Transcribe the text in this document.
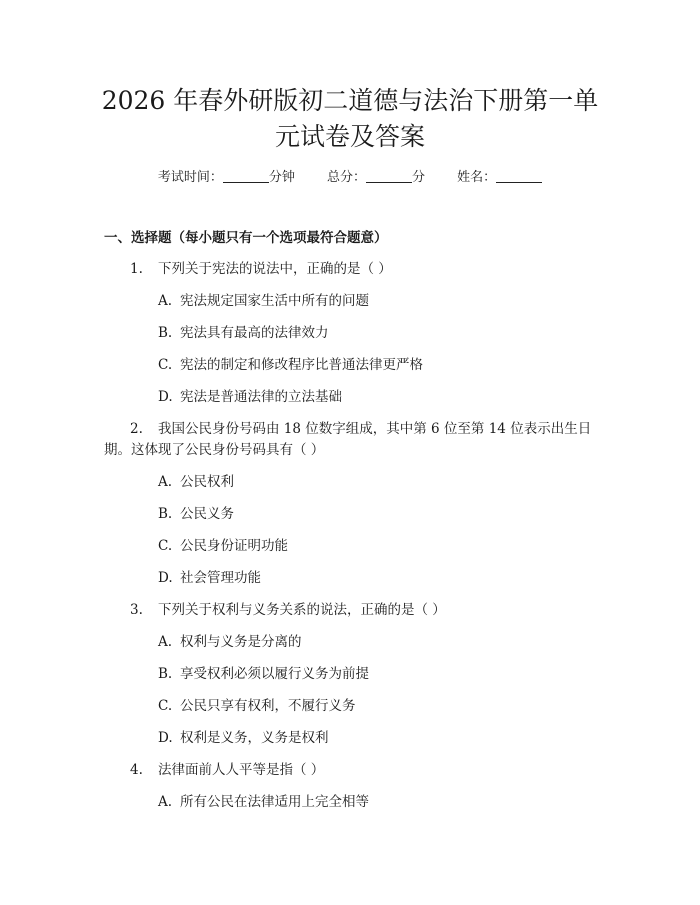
2026 年春外研版初二道德与法治下册第一单
元试卷及答案
考试时间：	分钟 总分：	分 姓名：
一、选择题（每小题只有一个选项最符合题意）
1. 下列关于宪法的说法中，正确的是（ ）
A. 宪法规定国家生活中所有的问题
B. 宪法具有最高的法律效力
C. 宪法的制定和修改程序比普通法律更严格
D. 宪法是普通法律的立法基础
2. 我国公民身份号码由 18 位数字组成，其中第 6 位至第 14 位表示出生日
期。这体现了公民身份号码具有（ ）
A. 公民权利
B. 公民义务
C. 公民身份证明功能
D. 社会管理功能
3. 下列关于权利与义务关系的说法，正确的是（ ）
A. 权利与义务是分离的
B. 享受权利必须以履行义务为前提
C. 公民只享有权利，不履行义务
D. 权利是义务，义务是权利
4. 法律面前人人平等是指（ ）
A. 所有公民在法律适用上完全相等
